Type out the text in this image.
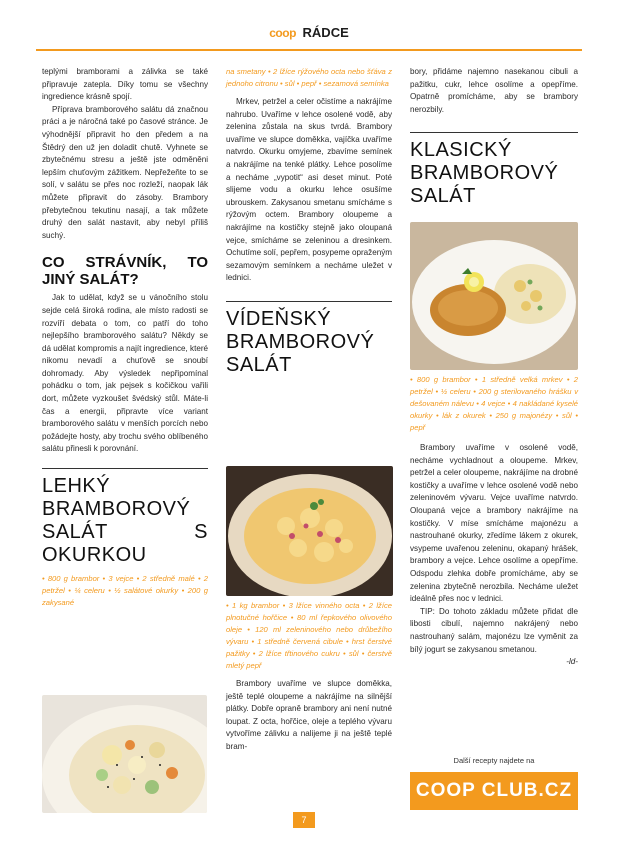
coop RÁDCE

teplými bramborami a zálivka se také připravuje zatepla. Díky tomu se všechny ingredience krásně spojí.

Příprava bramborového salátu dá značnou práci a je náročná také po časové stránce. Je výhodnější připravit ho den předem a na Štědrý den už jen doladit chutě. Vyhnete se zbytečnému stresu a ještě jste odměněni lepším chuťovým zážitkem. Nepřežeňte to se solí, v salátu se přes noc rozleží, naopak lák můžete připravit do zásoby. Brambory přebytečnou tekutinu nasají, a tak můžete druhý den salát nastavit, aby nebyl příliš suchý.

CO STRÁVNÍK, TO JINÝ SALÁT?

Jak to udělat, když se u vánočního stolu sejde celá široká rodina, ale místo radosti se rozvíří debata o tom, co patří do toho nejlepšího bramborového salátu? Někdy se dá udělat kompromis a najít ingredience, které nikomu nevadí a chuťově se snoubí dohromady. Aby výsledek nepřipomínal pohádku o tom, jak pejsek s kočičkou vařili dort, můžete vyzkoušet švédský stůl. Máte-li čas a energii, připravte více variant bramborového salátu v menších porcích nebo požádejte hosty, aby trochu svého oblíbeného salátu přinesli k porovnání.

LEHKÝ BRAMBOROVÝ SALÁT S OKURKOU
• 800 g brambor • 3 vejce • 2 středně malé • 2 petržel • ¼ celeru • ½ salátové okurky • 200 g zakysané
na smetany • 2 lžíce rýžového octa nebo šťáva z jednoho citronu • sůl • pepř • sezamová semínka

Mrkev, petržel a celer očistíme a nakrájíme nahrubo. Uvaříme v lehce osolené vodě, aby zelenina zůstala na skus tvrdá. Brambory uvaříme ve slupce doměkka, vajíčka uvaříme natvrdo. Okurku omyjeme, zbavíme semínek a nakrájíme na tenké plátky. Lehce posolíme a necháme „vypotit“ asi deset minut. Poté slijeme vodu a okurku lehce osušíme ubrouskem. Zakysanou smetanu smícháme s rýžovým octem. Brambory oloupeme a nakrájíme na kostičky stejně jako oloupaná vejce, smícháme se zeleninou a dresinkem. Ochutíme solí, pepřem, posypeme opraženým sezamovým semínkem a necháme uležet v lednici.

VÍDEŇSKÝ BRAMBOROVÝ SALÁT
• 1 kg brambor • 3 lžíce vinného octa • 2 lžíce plnotučné hořčice • 80 ml řepkového olivového oleje • 120 ml zeleninového nebo drůbežího vývaru • 1 středně červená cibule • hrst čerstvé pažitky • 2 lžíce třtinového cukru • sůl • čerstvě mletý pepř

Brambory uvaříme ve slupce doměkka, ještě teplé oloupeme a nakrájíme na silnější plátky. Dobře opraně brambory ani není nutné loupat. Z octa, hořčice, oleje a teplého vývaru vytvoříme zálivku a nalijeme ji na ještě teplé bram-

bory, přidáme najemno nasekanou cibuli a pažitku, cukr, lehce osolíme a opepříme. Opatrně promícháme, aby se brambory nerozbily.

KLASICKÝ BRAMBOROVÝ SALÁT
• 800 g brambor • 1 středně velká mrkev • 2 petržel • ½ celeru • 200 g sterilovaného hrášku v dešovaném nálevu • 4 vejce • 4 nakládané kyselé okurky • lák z okurek • 250 g majonézy • sůl • pepř

Brambory uvaříme v osolené vodě, necháme vychladnout a oloupeme. Mrkev, petržel a celer oloupeme, nakrájíme na drobné kostičky a uvaříme v lehce osolené vodě nebo zeleninovém vývaru. Vejce uvaříme natvrdo. Oloupaná vejce a brambory nakrájíme na kostičky. V míse smícháme majonézu a nastrouhané okurky, zředíme lákem z okurek, vsypeme uvařenou zeleninu, okapaný hrášek, brambory a vejce. Lehce osolíme a opepříme. Odspodu zlehka dobře promícháme, aby se zelenina zbytečně nerozbila. Necháme uležet ideálně přes noc v lednici.

TIP: Do tohoto základu můžete přidat dle libosti cibulí, najemno nakrájený nebo nastrouhaný salám, majonézu lze vyměnit za bílý jogurt se zakysanou smetanou.

-ld-
Další recepty najdete na
COOP CLUB.CZ
7
